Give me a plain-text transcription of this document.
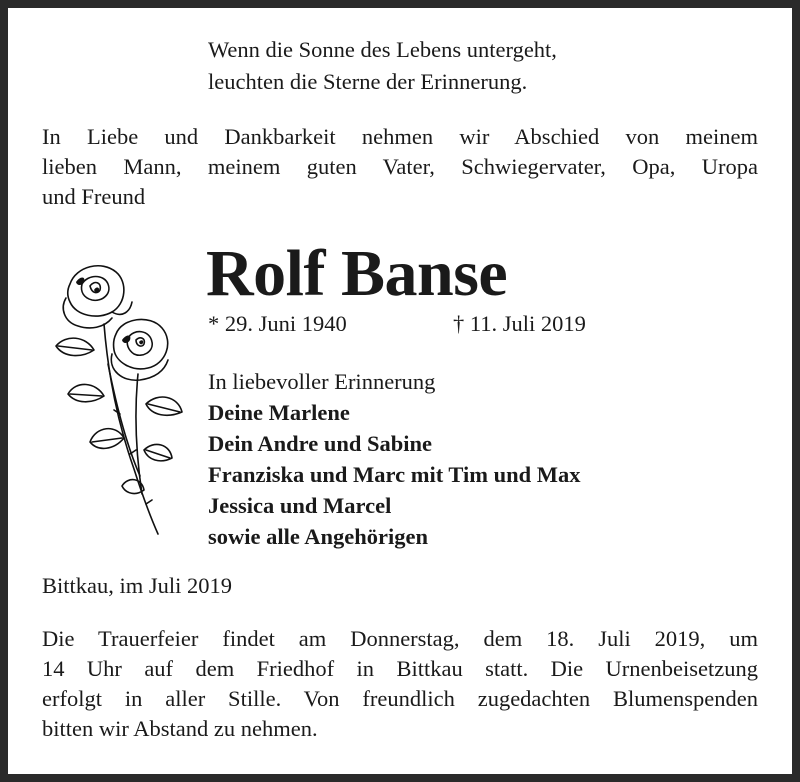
Wenn die Sonne des Lebens untergeht,
leuchten die Sterne der Erinnerung.
In Liebe und Dankbarkeit nehmen wir Abschied von meinem
lieben Mann, meinem guten Vater, Schwiegervater, Opa, Uropa
und Freund
Rolf Banse
* 29. Juni 1940	† 11. Juli 2019
In liebevoller Erinnerung
Deine Marlene
Dein Andre und Sabine
Franziska und Marc mit Tim und Max
Jessica und Marcel
sowie alle Angehörigen
Bittkau, im Juli 2019
Die Trauerfeier findet am Donnerstag, dem 18. Juli 2019, um
14 Uhr auf dem Friedhof in Bittkau statt. Die Urnenbeisetzung
erfolgt in aller Stille. Von freundlich zugedachten Blumenspenden
bitten wir Abstand zu nehmen.
